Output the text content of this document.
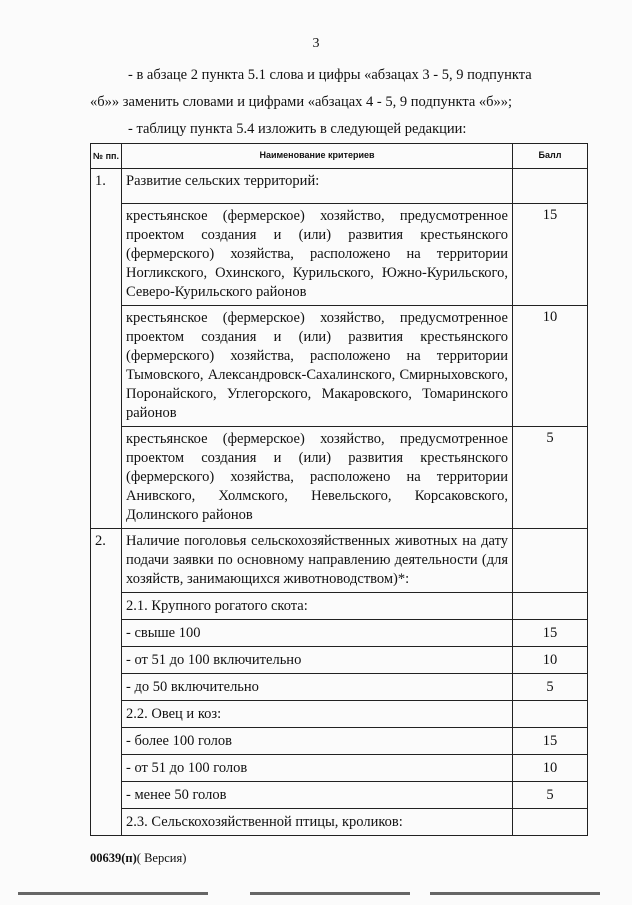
3
- в абзаце 2 пункта 5.1 слова и цифры «абзацах 3 - 5, 9 подпункта «б»» заменить словами и цифрами «абзацах 4 - 5, 9 подпункта «б»»;
- таблицу пункта 5.4 изложить в следующей редакции:
№ пп.	Наименование критериев	Балл
1.	Развитие сельских территорий:	
	крестьянское (фермерское) хозяйство, предусмотренное проектом создания и (или) развития крестьянского (фермерского) хозяйства, расположено на территории Ногликского, Охинского, Курильского, Южно-Курильского, Северо-Курильского районов	15
	крестьянское (фермерское) хозяйство, предусмотренное проектом создания и (или) развития крестьянского (фермерского) хозяйства, расположено на территории Тымовского, Александровск-Сахалинского, Смирныховского, Поронайского, Углегорского, Макаровского, Томаринского районов	10
	крестьянское (фермерское) хозяйство, предусмотренное проектом создания и (или) развития крестьянского (фермерского) хозяйства, расположено на территории Анивского, Холмского, Невельского, Корсаковского, Долинского районов	5
2.	Наличие поголовья сельскохозяйственных животных на дату подачи заявки по основному направлению деятельности (для хозяйств, занимающихся животноводством)*:	
	2.1. Крупного рогатого скота:	
	- свыше 100	15
	- от 51 до 100 включительно	10
	- до 50 включительно	5
	2.2. Овец и коз:	
	- более 100 голов	15
	- от 51 до 100 голов	10
	- менее 50 голов	5
	2.3. Сельскохозяйственной птицы, кроликов:	
00639(п)( Версия)
